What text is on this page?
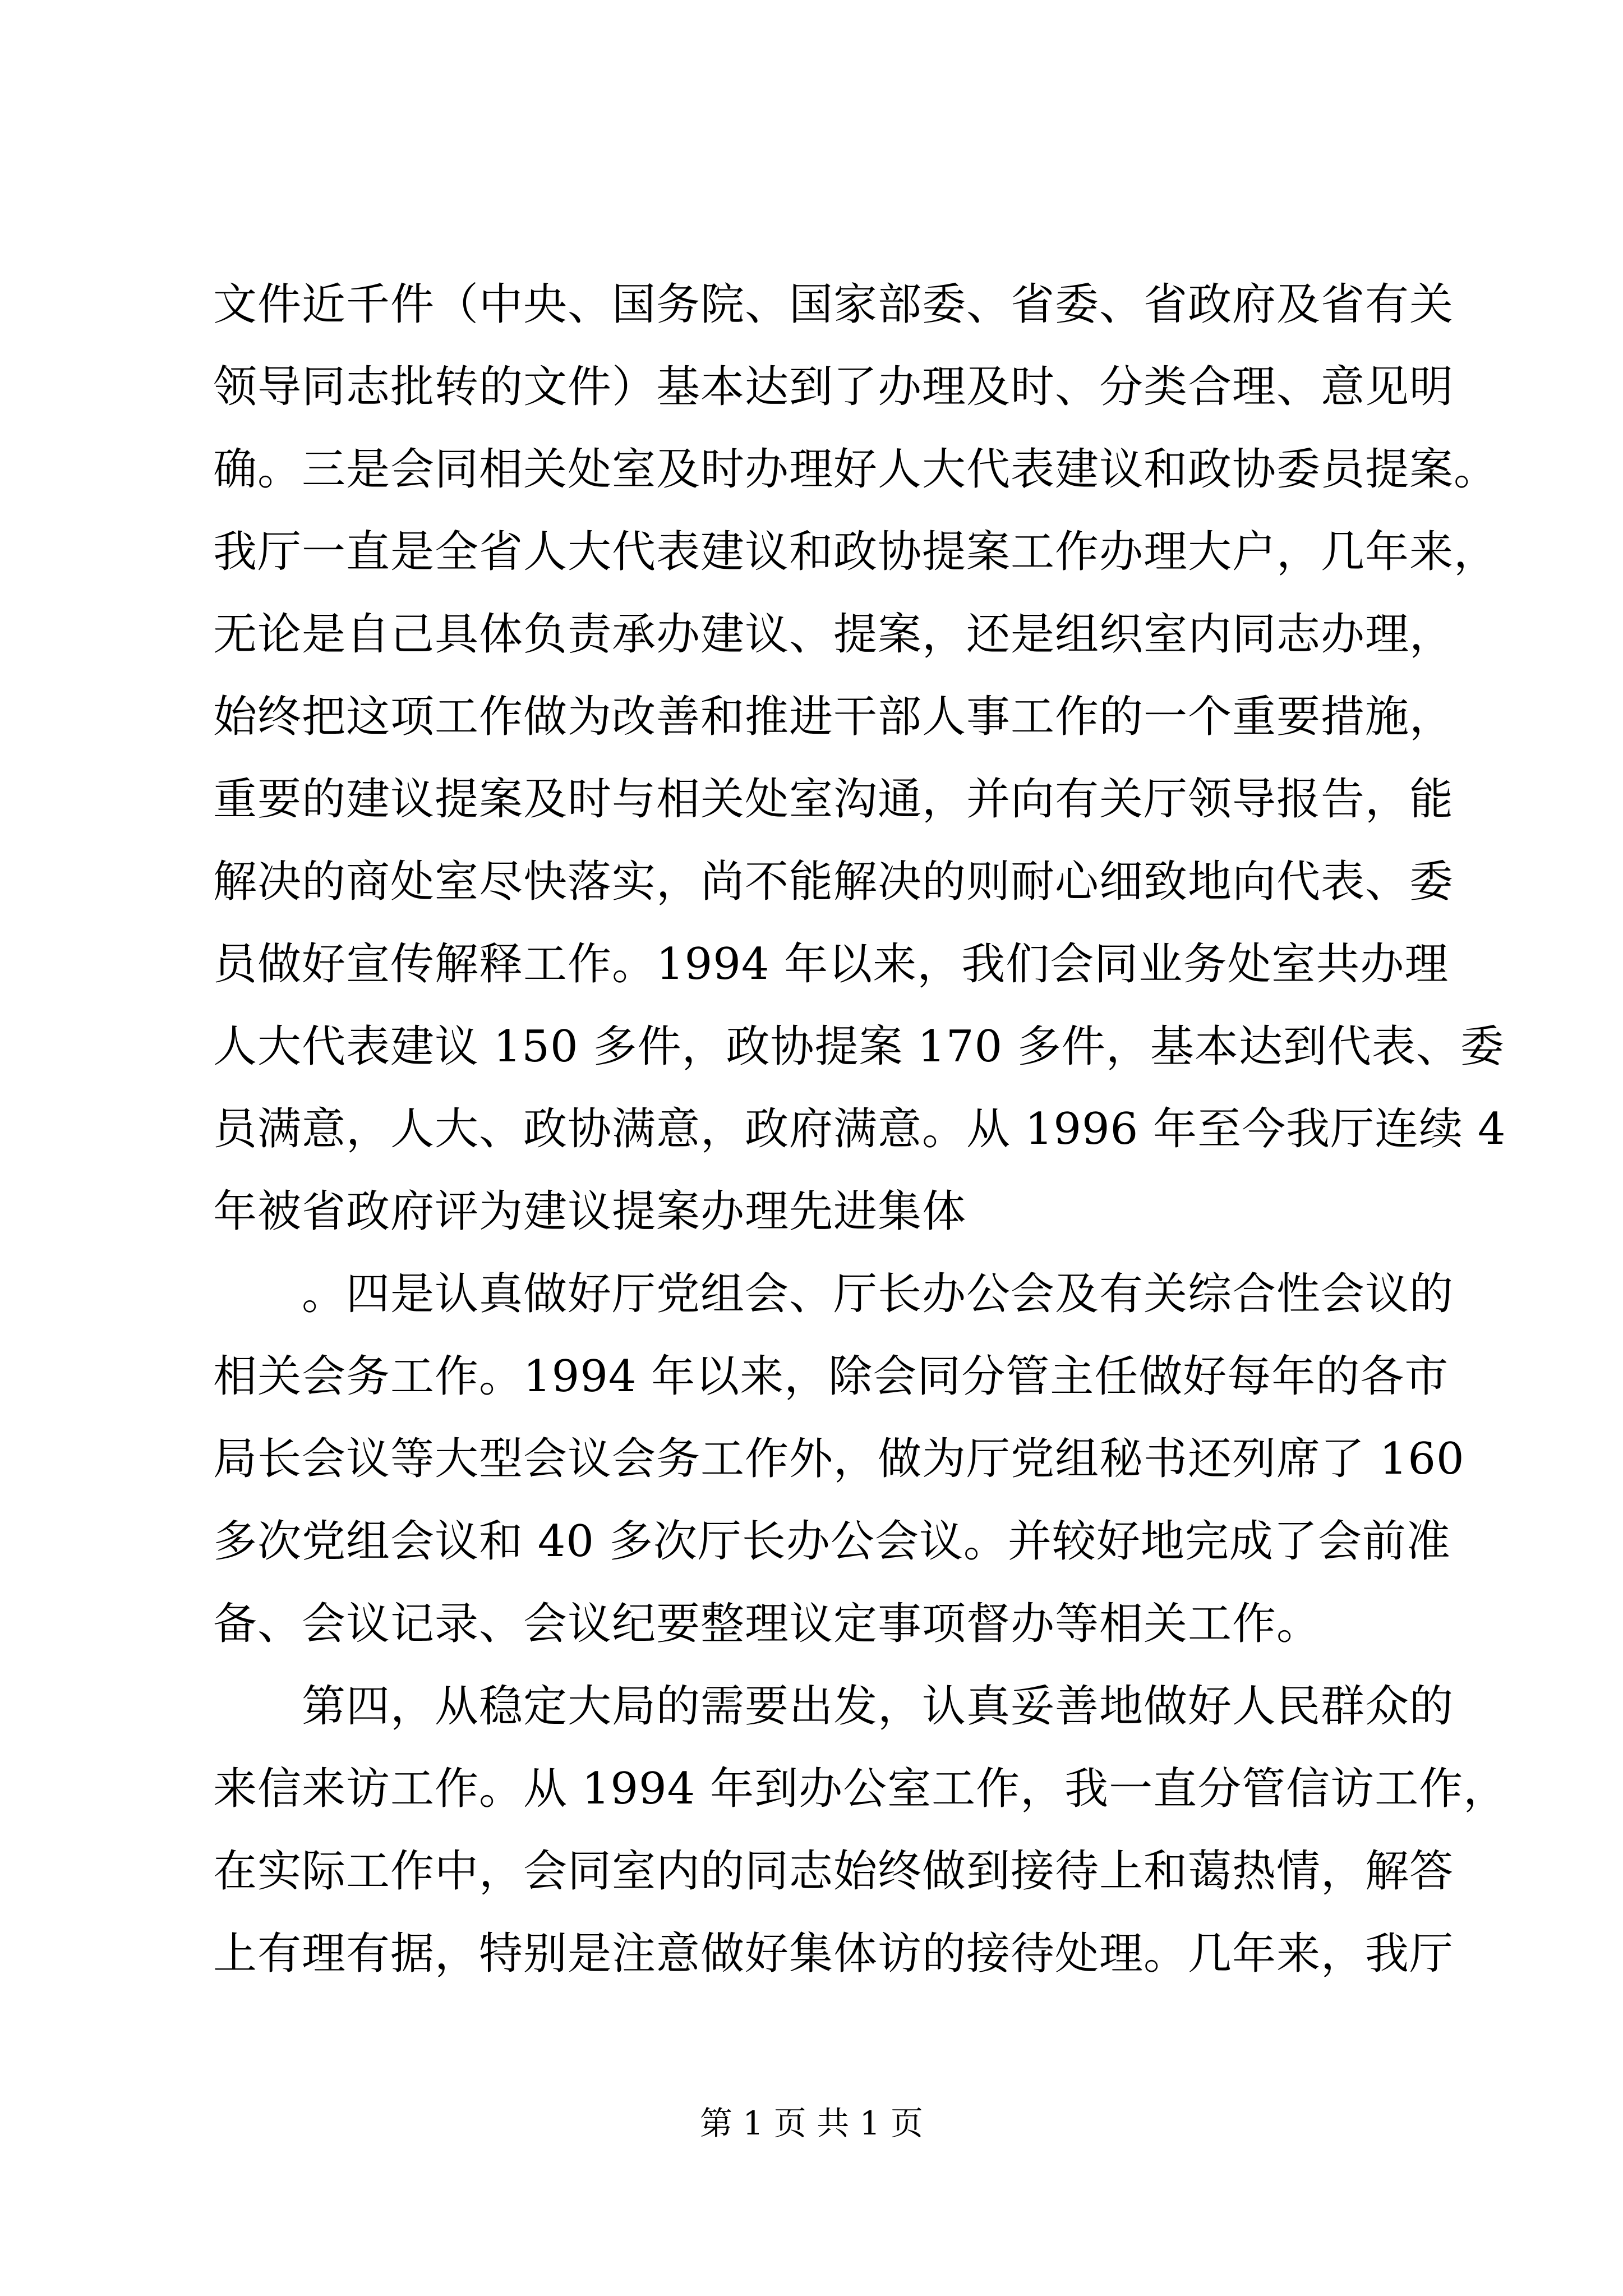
文件近千件（中央、国务院、国家部委、省委、省政府及省有关
领导同志批转的文件）基本达到了办理及时、分类合理、意见明
确。三是会同相关处室及时办理好人大代表建议和政协委员提案。
我厅一直是全省人大代表建议和政协提案工作办理大户，几年来，
无论是自己具体负责承办建议、提案，还是组织室内同志办理，
始终把这项工作做为改善和推进干部人事工作的一个重要措施，
重要的建议提案及时与相关处室沟通，并向有关厅领导报告，能
解决的商处室尽快落实，尚不能解决的则耐心细致地向代表、委
员做好宣传解释工作。1994 年以来，我们会同业务处室共办理
人大代表建议 150 多件，政协提案 170 多件，基本达到代表、委
员满意，人大、政协满意，政府满意。从 1996 年至今我厅连续 4
年被省政府评为建议提案办理先进集体
　　。四是认真做好厅党组会、厅长办公会及有关综合性会议的
相关会务工作。1994 年以来，除会同分管主任做好每年的各市
局长会议等大型会议会务工作外，做为厅党组秘书还列席了 160
多次党组会议和 40 多次厅长办公会议。并较好地完成了会前准
备、会议记录、会议纪要整理议定事项督办等相关工作。
　　第四，从稳定大局的需要出发，认真妥善地做好人民群众的
来信来访工作。从 1994 年到办公室工作，我一直分管信访工作，
在实际工作中，会同室内的同志始终做到接待上和蔼热情，解答
上有理有据，特别是注意做好集体访的接待处理。几年来，我厅
第 1 页 共 1 页
